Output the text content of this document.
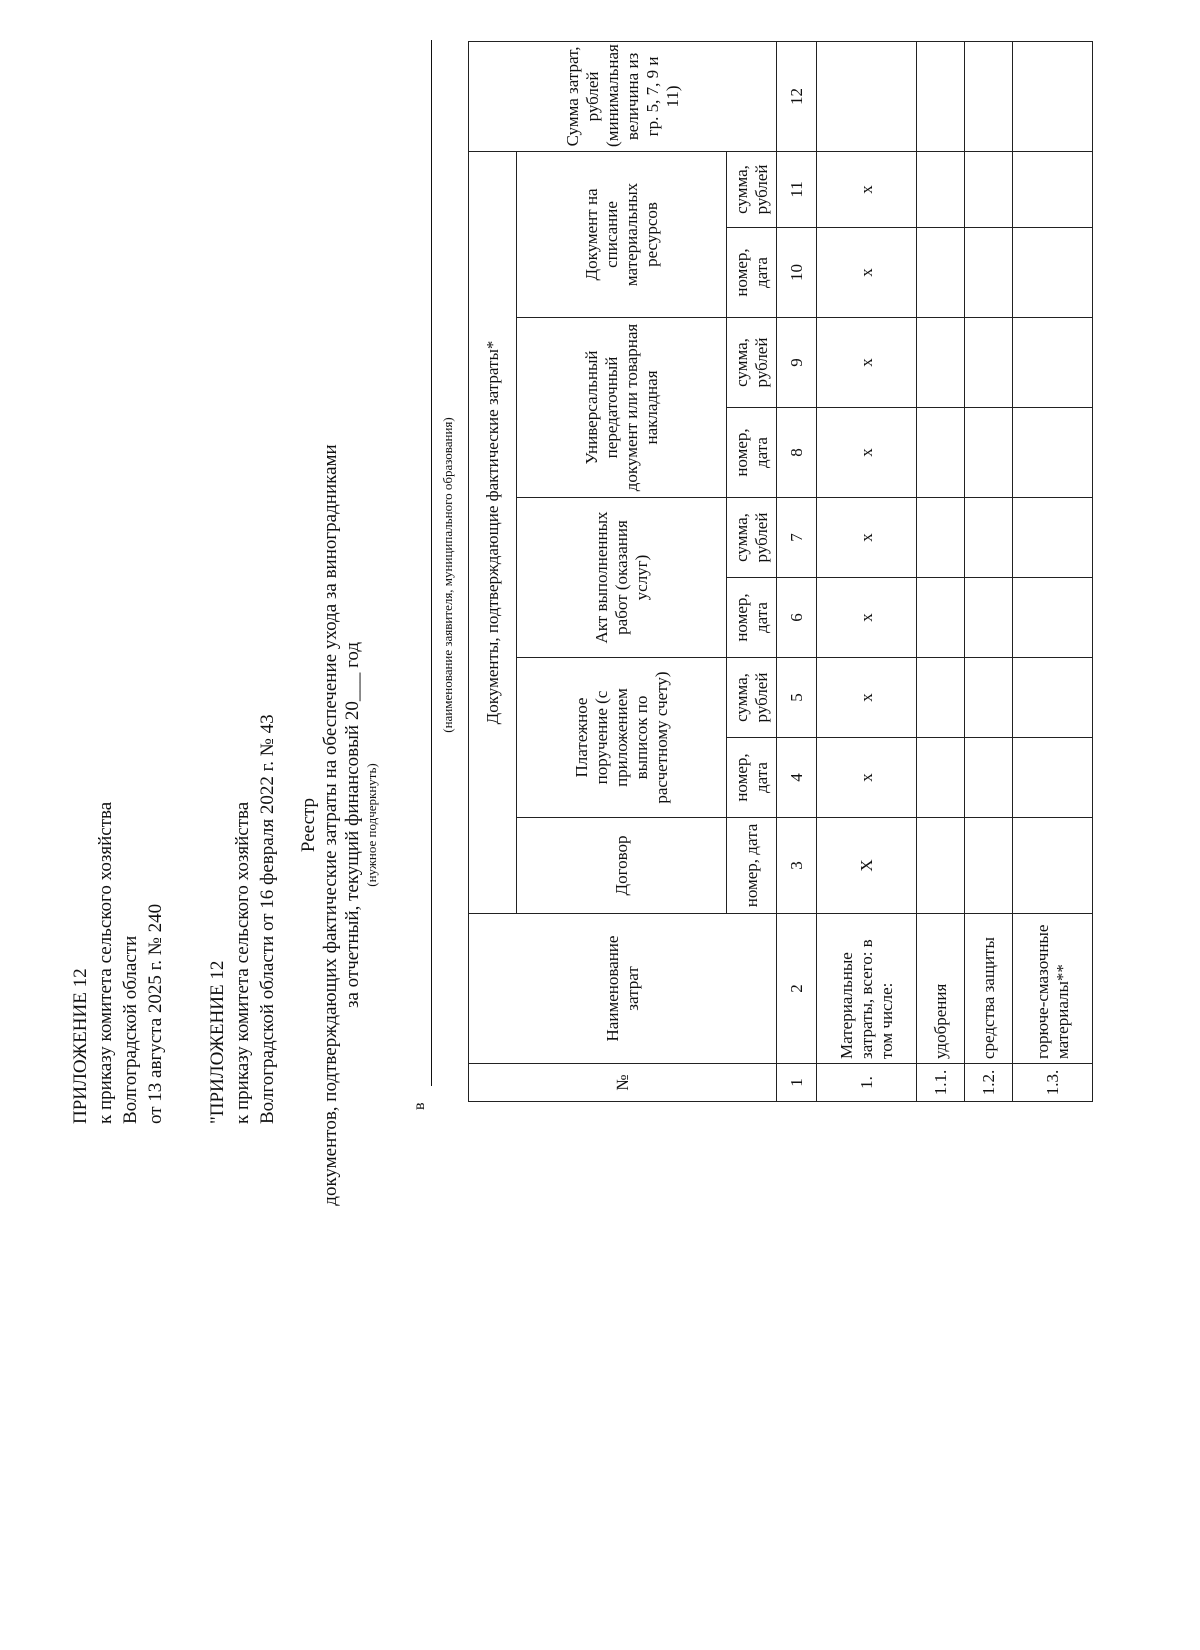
ПРИЛОЖЕНИЕ 12 к приказу комитета сельского хозяйства Волгоградской области от 13 августа 2025 г. № 240 "ПРИЛОЖЕНИЕ 12 к приказу комитета сельского хозяйства Волгоградской области от 16 февраля 2022 г. № 43 Реестр документов, подтверждающих фактические затраты на обеспечение ухода за виноградниками за отчетный, текущий финансовый 20___ год (нужное подчеркнуть)
в
(наименование заявителя, муниципального образования)
№	Наименование затрат	Документы, подтверждающие фактические затраты*									Сумма затрат, рублей (минимальная величина из гр. 5, 7, 9 и 11)
		Договор	Платежное поручение (с приложением выписок по расчетному счету)		Акт выполненных работ (оказания услуг)		Универсальный передаточный документ или товарная накладная		Документ на списание материальных ресурсов		
		номер, дата	номер, дата	сумма, рублей	номер, дата	сумма, рублей	номер, дата	сумма, рублей	номер, дата	сумма, рублей	
1	2	3	4	5	6	7	8	9	10	11	12
1.	Материальные затраты, всего: в том числе:	Х	х	х	х	х	х	х	х	х	
1.1.	удобрения										
1.2.	средства защиты										
1.3.	горюче-смазочные материалы**										
